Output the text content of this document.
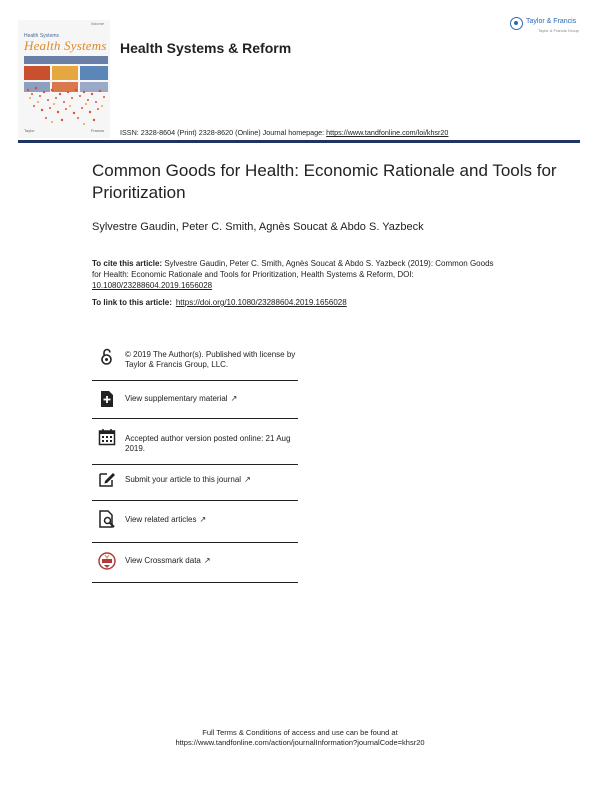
Volume
Health Systems
Health Systems
Taylor	Francis
Health Systems & Reform
Taylor & Francis
Taylor & Francis Group
ISSN: 2328-8604 (Print) 2328-8620 (Online) Journal homepage: https://www.tandfonline.com/loi/khsr20
Common Goods for Health: Economic Rationale and Tools for Prioritization
Sylvestre Gaudin, Peter C. Smith, Agnès Soucat & Abdo S. Yazbeck
To cite this article: Sylvestre Gaudin, Peter C. Smith, Agnès Soucat & Abdo S. Yazbeck (2019): Common Goods for Health: Economic Rationale and Tools for Prioritization, Health Systems & Reform, DOI: 10.1080/23288604.2019.1656028
To link to this article: https://doi.org/10.1080/23288604.2019.1656028
© 2019 The Author(s). Published with license by Taylor & Francis Group, LLC.
View supplementary material ↗
Accepted author version posted online: 21 Aug 2019.
Submit your article to this journal ↗
View related articles ↗
View Crossmark data ↗
Full Terms & Conditions of access and use can be found at
https://www.tandfonline.com/action/journalInformation?journalCode=khsr20
